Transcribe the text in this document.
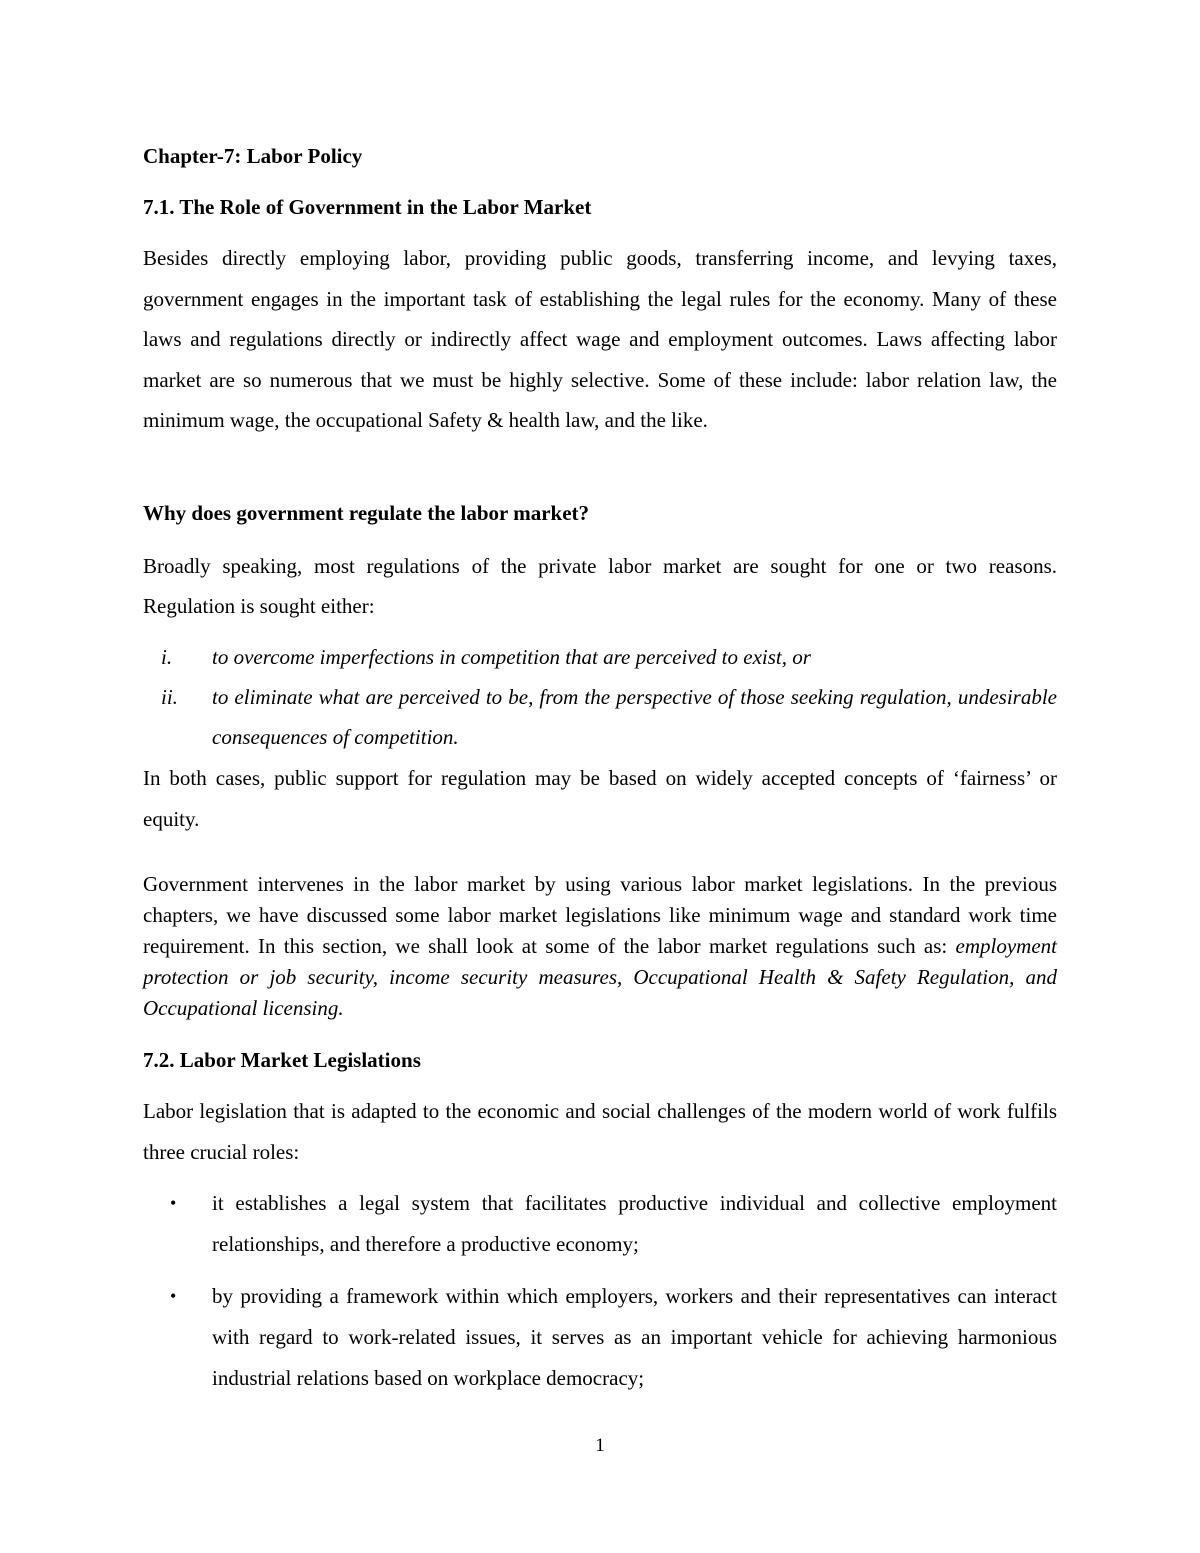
Chapter-7: Labor Policy
7.1. The Role of Government in the Labor Market

Besides directly employing labor, providing public goods, transferring income, and levying taxes, government engages in the important task of establishing the legal rules for the economy. Many of these laws and regulations directly or indirectly affect wage and employment outcomes. Laws affecting labor market are so numerous that we must be highly selective. Some of these include: labor relation law, the minimum wage, the occupational Safety & health law, and the like.

Why does government regulate the labor market?

Broadly speaking, most regulations of the private labor market are sought for one or two reasons.

Regulation is sought either:

i. to overcome imperfections in competition that are perceived to exist, or
ii. to eliminate what are perceived to be, from the perspective of those seeking regulation, undesirable consequences of competition.

In both cases, public support for regulation may be based on widely accepted concepts of ‘fairness’ or equity.

Government intervenes in the labor market by using various labor market legislations. In the previous chapters, we have discussed some labor market legislations like minimum wage and standard work time requirement. In this section, we shall look at some of the labor market regulations such as: employment protection or job security, income security measures, Occupational Health & Safety Regulation, and Occupational licensing.

7.2. Labor Market Legislations

Labor legislation that is adapted to the economic and social challenges of the modern world of work fulfils three crucial roles:

• it establishes a legal system that facilitates productive individual and collective employment relationships, and therefore a productive economy;
• by providing a framework within which employers, workers and their representatives can interact with regard to work-related issues, it serves as an important vehicle for achieving harmonious industrial relations based on workplace democracy;
1
